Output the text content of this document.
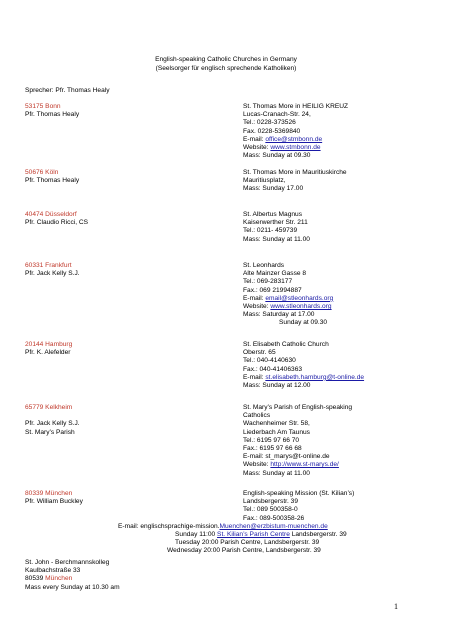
English-speaking Catholic Churches in Germany
(Seelsorger für englisch sprechende Katholiken)
Sprecher: Pfr. Thomas Healy
53175 Bonn
Pfr. Thomas Healy
St. Thomas More in HEILIG KREUZ
Lucas-Cranach-Str. 24,
Tel.: 0228-373526
Fax. 0228-5369840
E-mail: office@stmbonn.de
Website: www.stmbonn.de
Mass: Sunday at 09.30
50676 Köln
Pfr. Thomas Healy
St. Thomas More in Mauritiuskirche
Mauritiusplatz,
Mass: Sunday 17.00
40474 Düsseldorf
Pfr. Claudio Ricci, CS
St. Albertus Magnus
Kaiserwerther Str. 211
Tel.: 0211- 459739
Mass: Sunday at 11.00
60331 Frankfurt
Pfr. Jack Kelly S.J.
St. Leonhards
Alte Mainzer Gasse 8
Tel.: 069-283177
Fax.: 069 21994887
E-mail: email@stleonhards.org
Website: www.stleonhards.org
Mass: Saturday at 17.00
Sunday at 09.30
20144 Hamburg
Pfr. K. Alefelder
St. Elisabeth Catholic Church
Oberstr. 65
Tel.: 040-4140630
Fax.: 040-41406363
E-mail: st.elisabeth.hamburg@t-online.de
Mass: Sunday at 12.00
65779 Kelkheim

Pfr. Jack Kelly S.J.
St. Mary’s Parish
St. Mary’s Parish of English-speaking
Catholics
Wachenheimer Str. 58,
Liederbach Am Taunus
Tel.: 6195 97 66 70
Fax.: 6195 97 66 68
E-mail: st_marys@t-online.de
Website: http://www.st-marys.de/
Mass: Sunday at 11.00
80339 München
Pfr. William Buckley
English-speaking Mission (St. Kilian’s)
Landsbergerstr. 39
Tel.: 089 500358-0
Fax.: 089-500358-26
E-mail: englischsprachige-mission.Muenchen@erzbistum-muenchen.de
Sunday 11:00 St. Kilian’s Parish Centre Landsbergerstr. 39
Tuesday 20:00 Parish Centre, Landsbergerstr. 39
Wednesday 20:00 Parish Centre, Landsbergerstr. 39
St. John - Berchmannskolleg
Kaulbachstraße 33
80539 München
Mass every Sunday at 10.30 am
1
